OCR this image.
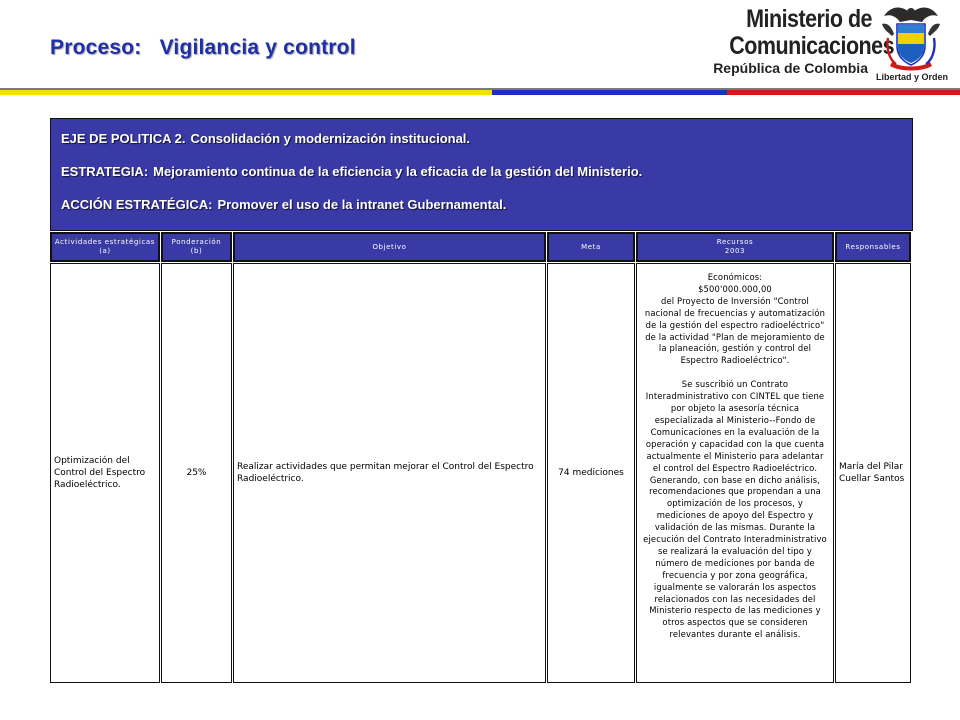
Proceso: Vigilancia y control
Ministerio de
Comunicaciones
República de Colombia
Libertad y Orden
EJE DE POLITICA 2. Consolidación y modernización institucional.
ESTRATEGIA: Mejoramiento continua de la eficiencia y la eficacia de la gestión del Ministerio.
ACCIÓN ESTRATÉGICA: Promover el uso de la intranet Gubernamental.
Actividades estratégicas
(a)
Ponderación
(b)
Objetivo	Meta
Recursos
2003
Responsables
Optimización del Control del Espectro Radioeléctrico.
25%
Realizar actividades que permitan mejorar el Control del Espectro Radioeléctrico.
74 mediciones
Económicos:
$500'000.000,00
del Proyecto de Inversión "Control
nacional de frecuencias y automatización
de la gestión del espectro radioeléctrico"
de la actividad "Plan de mejoramiento de
la planeación, gestión y control del
Espectro Radioeléctrico".
Se suscribió un Contrato
Interadministrativo con CINTEL que tiene
por objeto la asesoría técnica
especializada al Ministerio--Fondo de
Comunicaciones en la evaluación de la
operación y capacidad con la que cuenta
actualmente el Ministerio para adelantar
el control del Espectro Radioeléctrico.
Generando, con base en dicho análisis,
recomendaciones que propendan a una
optimización de los procesos, y
mediciones de apoyo del Espectro y
validación de las mismas. Durante la
ejecución del Contrato Interadministrativo
se realizará la evaluación del tipo y
número de mediciones por banda de
frecuencia y por zona geográfica,
igualmente se valorarán los aspectos
relacionados con las necesidades del
Ministerio respecto de las mediciones y
otros aspectos que se consideren
relevantes durante el análisis.
María del Pilar Cuellar Santos
